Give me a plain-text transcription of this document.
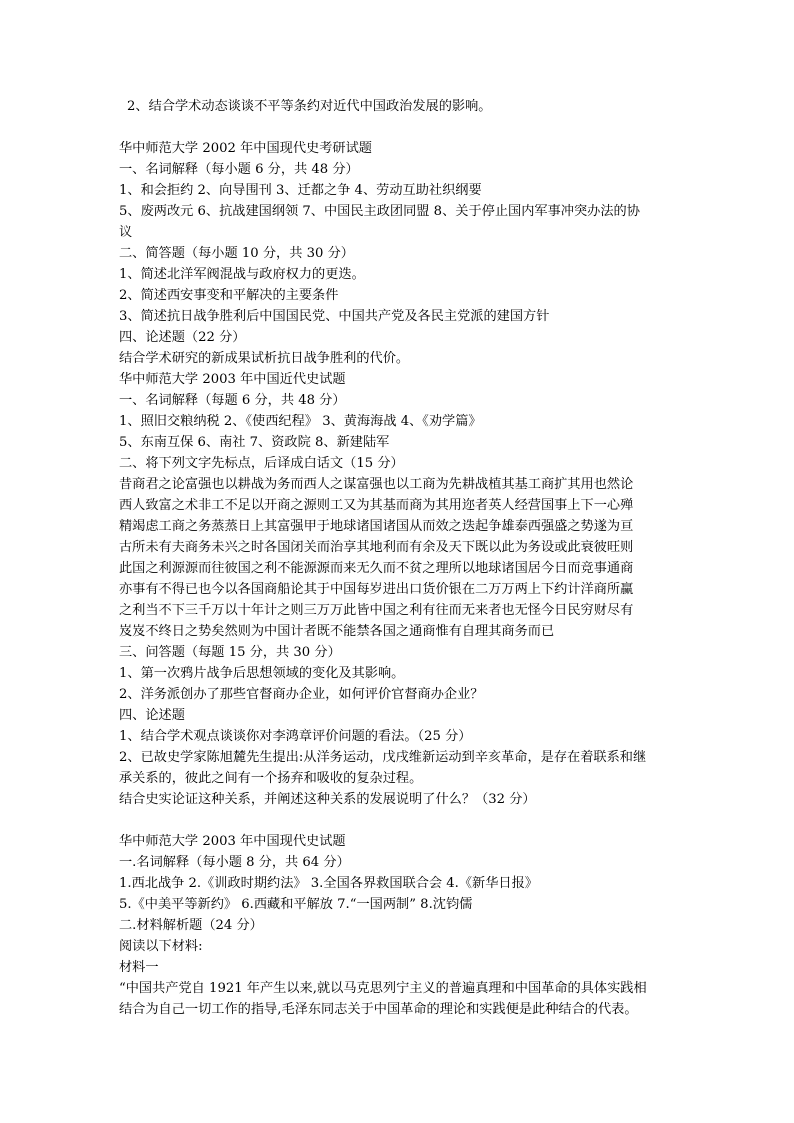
2、结合学术动态谈谈不平等条约对近代中国政治发展的影响。
华中师范大学 2002 年中国现代史考研试题
一、名词解释（每小题 6 分，共 48 分）
1、和会拒约 2、向导围刊 3、迁都之争 4、劳动互助社织纲要
5、废两改元 6、抗战建国纲领 7、中国民主政团同盟 8、关于停止国内军事冲突办法的协
议
二、简答题（每小题 10 分，共 30 分）
1、简述北洋军阀混战与政府权力的更迭。
2、简述西安事变和平解决的主要条件
3、简述抗日战争胜利后中国国民党、中国共产党及各民主党派的建国方针
四、论述题（22 分）
结合学术研究的新成果试析抗日战争胜利的代价。
华中师范大学 2003 年中国近代史试题
一、名词解释（每题 6 分，共 48 分）
1、照旧交粮纳税 2、《使西纪程》 3、黄海海战 4、《劝学篇》
5、东南互保 6、南社 7、资政院 8、新建陆军
二、将下列文字先标点，后译成白话文（15 分）
昔商君之论富强也以耕战为务而西人之谋富强也以工商为先耕战植其基工商扩其用也然论
西人致富之术非工不足以开商之源则工又为其基而商为其用迩者英人经营国事上下一心殚
精竭虑工商之务蒸蒸日上其富强甲于地球诸国诸国从而效之迭起争雄泰西强盛之势遂为亘
古所未有夫商务未兴之时各国闭关而治享其地利而有余及天下既以此为务设或此衰彼旺则
此国之利源源而往彼国之利不能源源而来无久而不贫之理所以地球诸国居今日而竞事通商
亦事有不得已也今以各国商船论其于中国每岁进出口货价银在二万万两上下约计洋商所赢
之利当不下三千万以十年计之则三万万此皆中国之利有往而无来者也无怪今日民穷财尽有
岌岌不终日之势矣然则为中国计者既不能禁各国之通商惟有自理其商务而已
三、问答题（每题 15 分，共 30 分）
1、第一次鸦片战争后思想领域的变化及其影响。
2、洋务派创办了那些官督商办企业，如何评价官督商办企业？
四、论述题
1、结合学术观点谈谈你对李鸿章评价问题的看法。（25 分）
2、已故史学家陈旭麓先生提出:从洋务运动，戊戌维新运动到辛亥革命，是存在着联系和继
承关系的，彼此之间有一个扬弃和吸收的复杂过程。
结合史实论证这种关系，并阐述这种关系的发展说明了什么？（32 分）
华中师范大学 2003 年中国现代史试题
一.名词解释（每小题 8 分，共 64 分）
1.西北战争 2.《训政时期约法》 3.全国各界救国联合会 4.《新华日报》
5.《中美平等新约》 6.西藏和平解放 7.“一国两制” 8.沈钧儒
二.材料解析题（24 分）
阅读以下材料:
材料一
“中国共产党自 1921 年产生以来,就以马克思列宁主义的普遍真理和中国革命的具体实践相
结合为自己一切工作的指导,毛泽东同志关于中国革命的理论和实践便是此种结合的代表。
